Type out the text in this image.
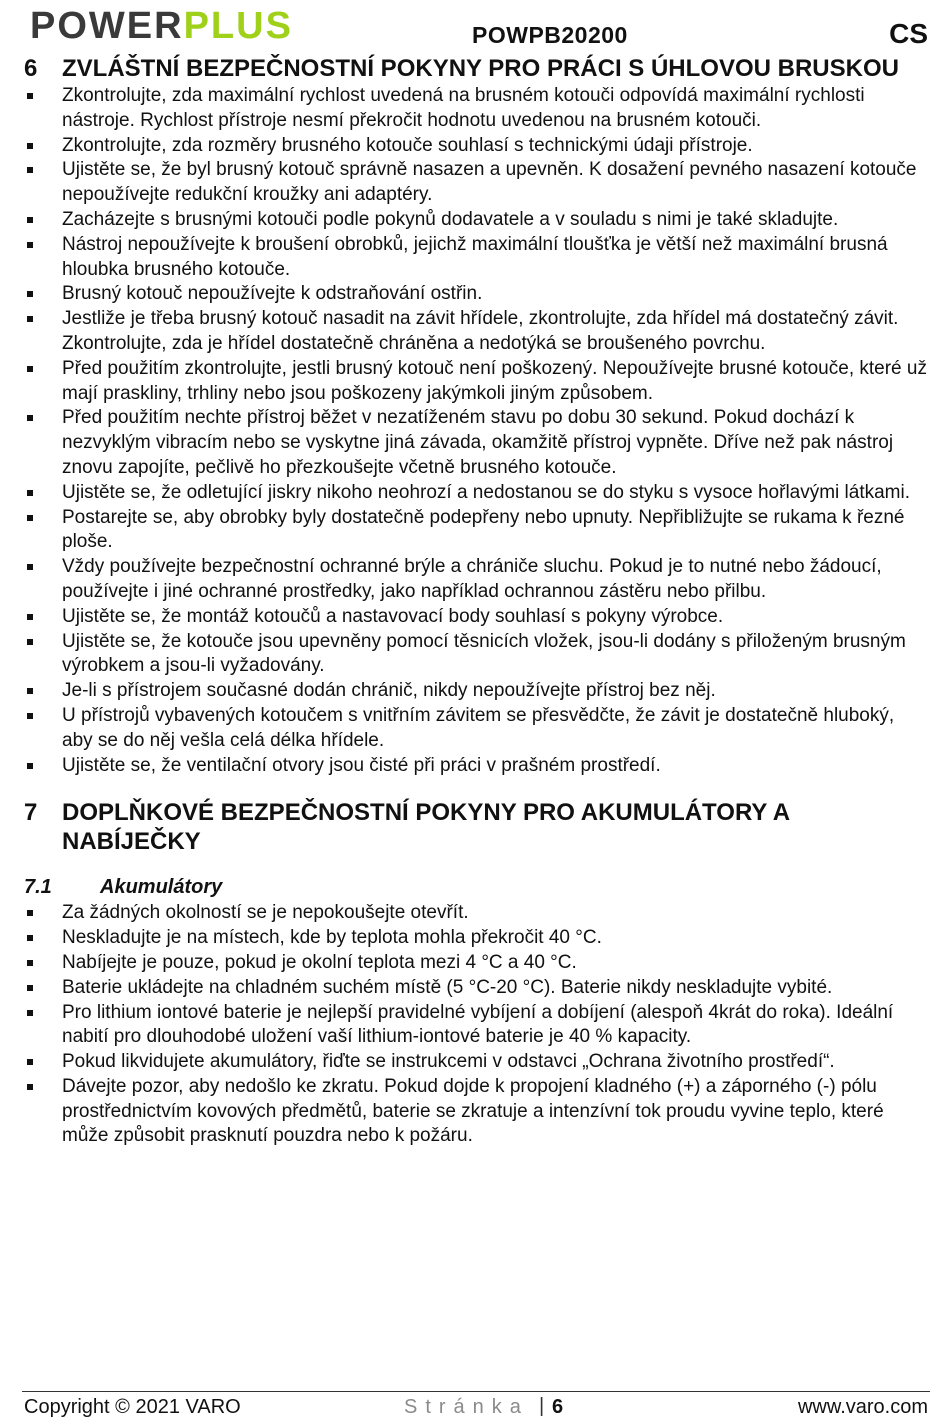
POWERPLUS	POWPB20200	CS
6	ZVLÁŠTNÍ BEZPEČNOSTNÍ POKYNY PRO PRÁCI S ÚHLOVOU BRUSKOU
Zkontrolujte, zda maximální rychlost uvedená na brusném kotouči odpovídá maximální rychlosti nástroje. Rychlost přístroje nesmí překročit hodnotu uvedenou na brusném kotouči.
Zkontrolujte, zda rozměry brusného kotouče souhlasí s technickými údaji přístroje.
Ujistěte se, že byl brusný kotouč správně nasazen a upevněn. K dosažení pevného nasazení kotouče nepoužívejte redukční kroužky ani adaptéry.
Zacházejte s brusnými kotouči podle pokynů dodavatele a v souladu s nimi je také skladujte.
Nástroj nepoužívejte k broušení obrobků, jejichž maximální tloušťka je větší než maximální brusná hloubka brusného kotouče.
Brusný kotouč nepoužívejte k odstraňování ostřin.
Jestliže je třeba brusný kotouč nasadit na závit hřídele, zkontrolujte, zda hřídel má dostatečný závit. Zkontrolujte, zda je hřídel dostatečně chráněna a nedotýká se broušeného povrchu.
Před použitím zkontrolujte, jestli brusný kotouč není poškozený. Nepoužívejte brusné kotouče, které už mají praskliny, trhliny nebo jsou poškozeny jakýmkoli jiným způsobem.
Před použitím nechte přístroj běžet v nezatíženém stavu po dobu 30 sekund. Pokud dochází k nezvyklým vibracím nebo se vyskytne jiná závada, okamžitě přístroj vypněte. Dříve než pak nástroj znovu zapojíte, pečlivě ho přezkoušejte včetně brusného kotouče.
Ujistěte se, že odletující jiskry nikoho neohrozí a nedostanou se do styku s vysoce hořlavými látkami.
Postarejte se, aby obrobky byly dostatečně podepřeny nebo upnuty. Nepřibližujte se rukama k řezné ploše.
Vždy používejte bezpečnostní ochranné brýle a chrániče sluchu. Pokud je to nutné nebo žádoucí, používejte i jiné ochranné prostředky, jako například ochrannou zástěru nebo přilbu.
Ujistěte se, že montáž kotoučů a nastavovací body souhlasí s pokyny výrobce.
Ujistěte se, že kotouče jsou upevněny pomocí těsnicích vložek, jsou-li dodány s přiloženým brusným výrobkem a jsou-li vyžadovány.
Je-li s přístrojem současné dodán chránič, nikdy nepoužívejte přístroj bez něj.
U přístrojů vybavených kotoučem s vnitřním závitem se přesvědčte, že závit je dostatečně hluboký, aby se do něj vešla celá délka hřídele.
Ujistěte se, že ventilační otvory jsou čisté při práci v prašném prostředí.
7	DOPLŇKOVÉ BEZPEČNOSTNÍ POKYNY PRO AKUMULÁTORY A NABÍJEČKY
7.1	Akumulátory
Za žádných okolností se je nepokoušejte otevřít.
Neskladujte je na místech, kde by teplota mohla překročit 40 °C.
Nabíjejte je pouze, pokud je okolní teplota mezi 4 °C a 40 °C.
Baterie ukládejte na chladném suchém místě (5 °C-20 °C). Baterie nikdy neskladujte vybité.
Pro lithium iontové baterie je nejlepší pravidelné vybíjení a dobíjení (alespoň 4krát do roka). Ideální nabití pro dlouhodobé uložení vaší lithium-iontové baterie je 40 % kapacity.
Pokud likvidujete akumulátory, řiďte se instrukcemi v odstavci „Ochrana životního prostředí“.
Dávejte pozor, aby nedošlo ke zkratu. Pokud dojde k propojení kladného (+) a záporného (-) pólu prostřednictvím kovových předmětů, baterie se zkratuje a intenzívní tok proudu vyvine teplo, které může způsobit prasknutí pouzdra nebo k požáru.
Copyright © 2021 VARO	Stránka | 6	www.varo.com
